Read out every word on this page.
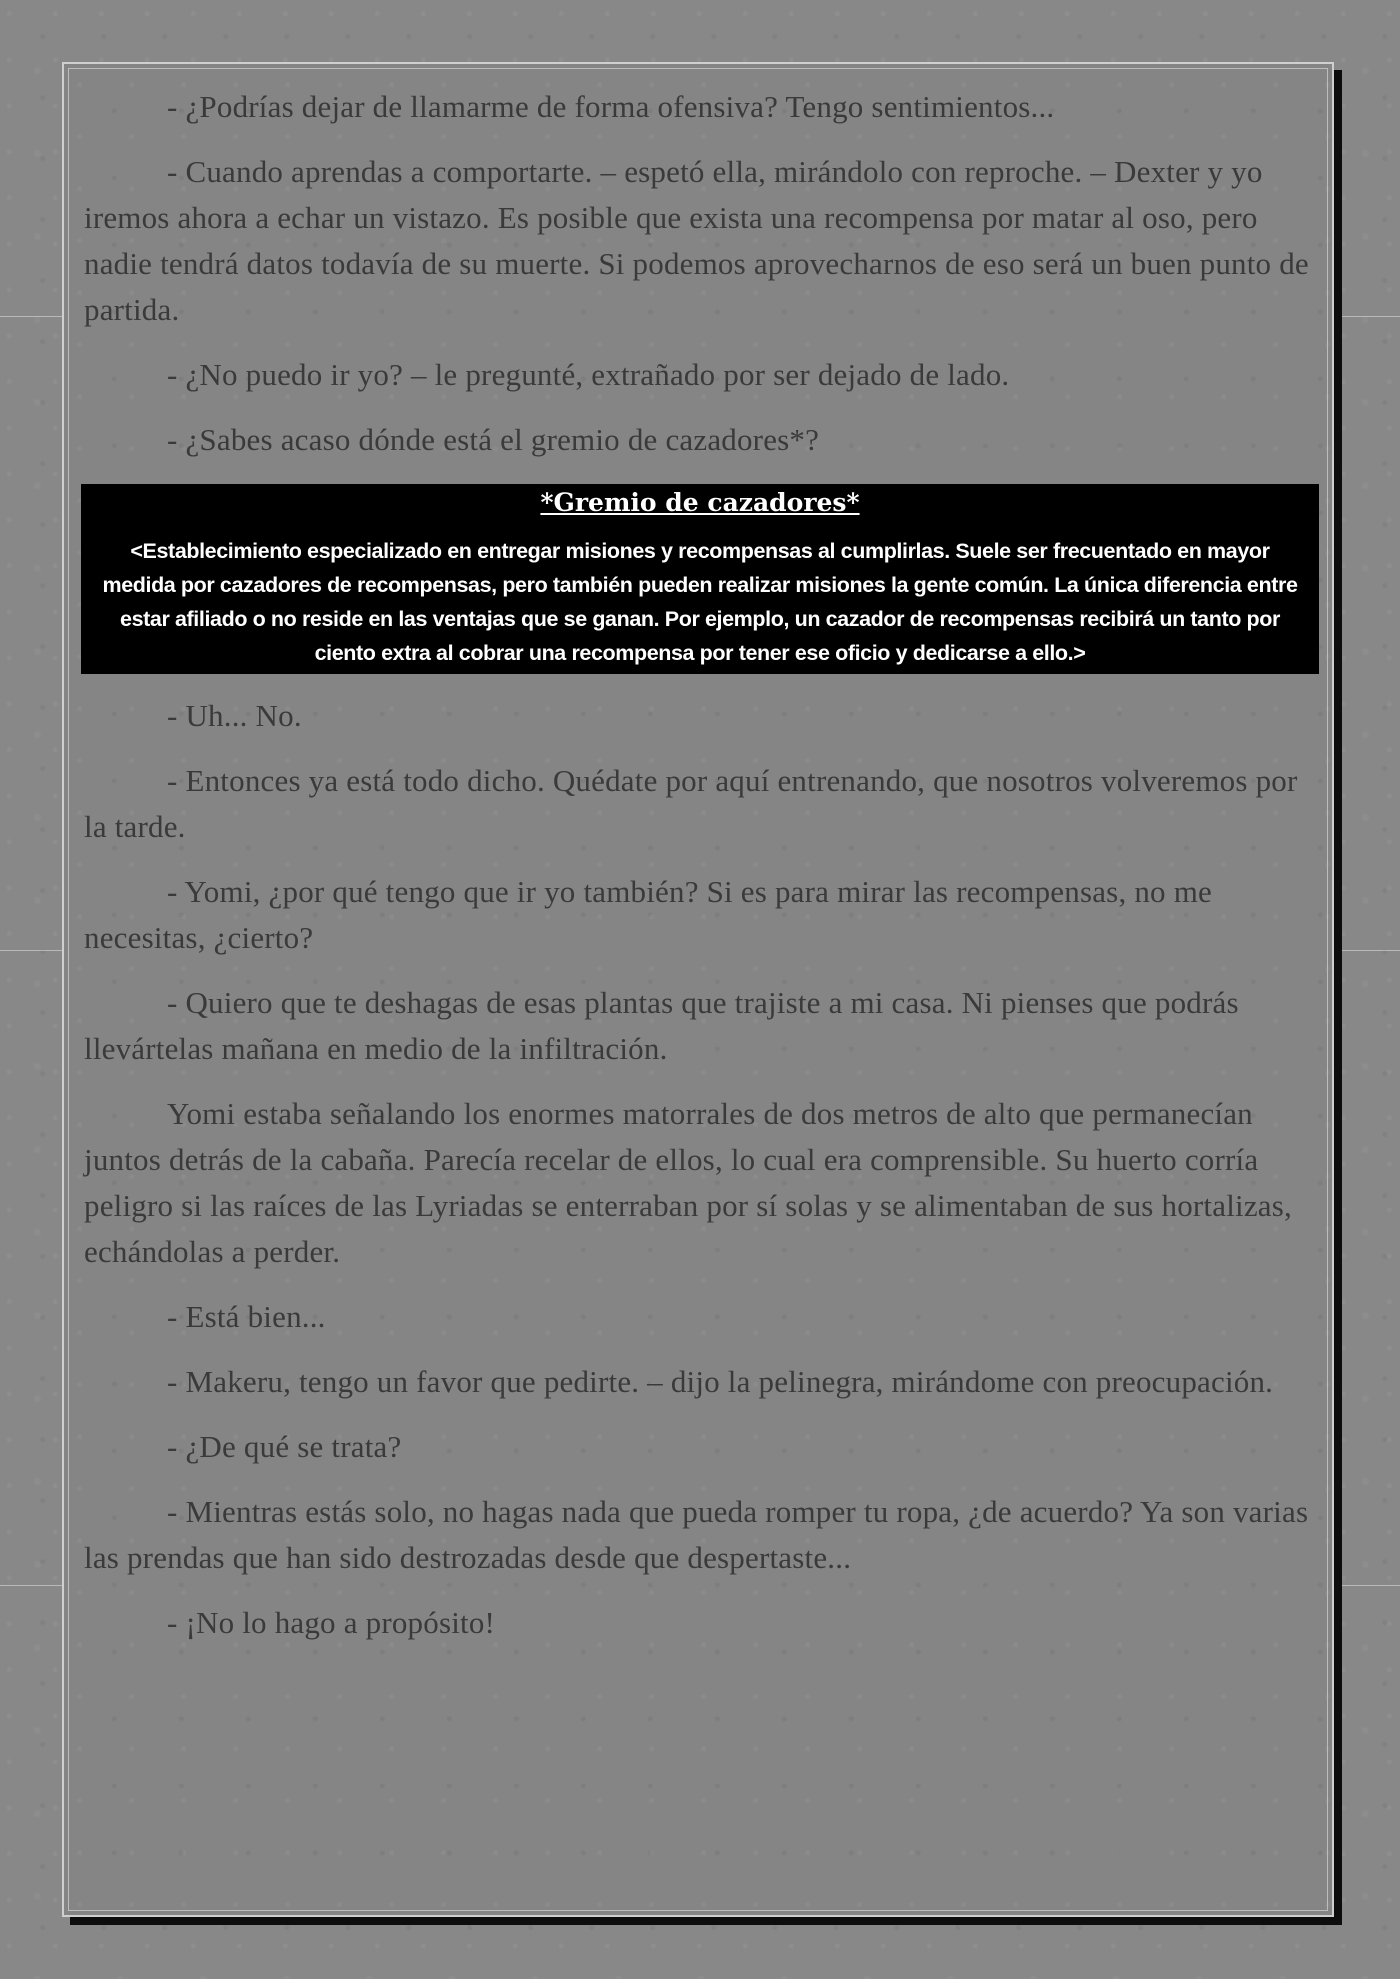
- ¿Podrías dejar de llamarme de forma ofensiva? Tengo sentimientos...

- Cuando aprendas a comportarte. – espetó ella, mirándolo con reproche. – Dexter y yo iremos ahora a echar un vistazo. Es posible que exista una recompensa por matar al oso, pero nadie tendrá datos todavía de su muerte. Si podemos aprovecharnos de eso será un buen punto de partida.

- ¿No puedo ir yo? – le pregunté, extrañado por ser dejado de lado.

- ¿Sabes acaso dónde está el gremio de cazadores*?

*Gremio de cazadores*

<Establecimiento especializado en entregar misiones y recompensas al cumplirlas. Suele ser frecuentado en mayor medida por cazadores de recompensas, pero también pueden realizar misiones la gente común. La única diferencia entre estar afiliado o no reside en las ventajas que se ganan. Por ejemplo, un cazador de recompensas recibirá un tanto por ciento extra al cobrar una recompensa por tener ese oficio y dedicarse a ello.>

- Uh... No.

- Entonces ya está todo dicho. Quédate por aquí entrenando, que nosotros volveremos por la tarde.

- Yomi, ¿por qué tengo que ir yo también? Si es para mirar las recompensas, no me necesitas, ¿cierto?

- Quiero que te deshagas de esas plantas que trajiste a mi casa. Ni pienses que podrás llevártelas mañana en medio de la infiltración.

Yomi estaba señalando los enormes matorrales de dos metros de alto que permanecían juntos detrás de la cabaña. Parecía recelar de ellos, lo cual era comprensible. Su huerto corría peligro si las raíces de las Lyriadas se enterraban por sí solas y se alimentaban de sus hortalizas, echándolas a perder.

- Está bien...

- Makeru, tengo un favor que pedirte. – dijo la pelinegra, mirándome con preocupación.

- ¿De qué se trata?

- Mientras estás solo, no hagas nada que pueda romper tu ropa, ¿de acuerdo? Ya son varias las prendas que han sido destrozadas desde que despertaste...

- ¡No lo hago a propósito!
